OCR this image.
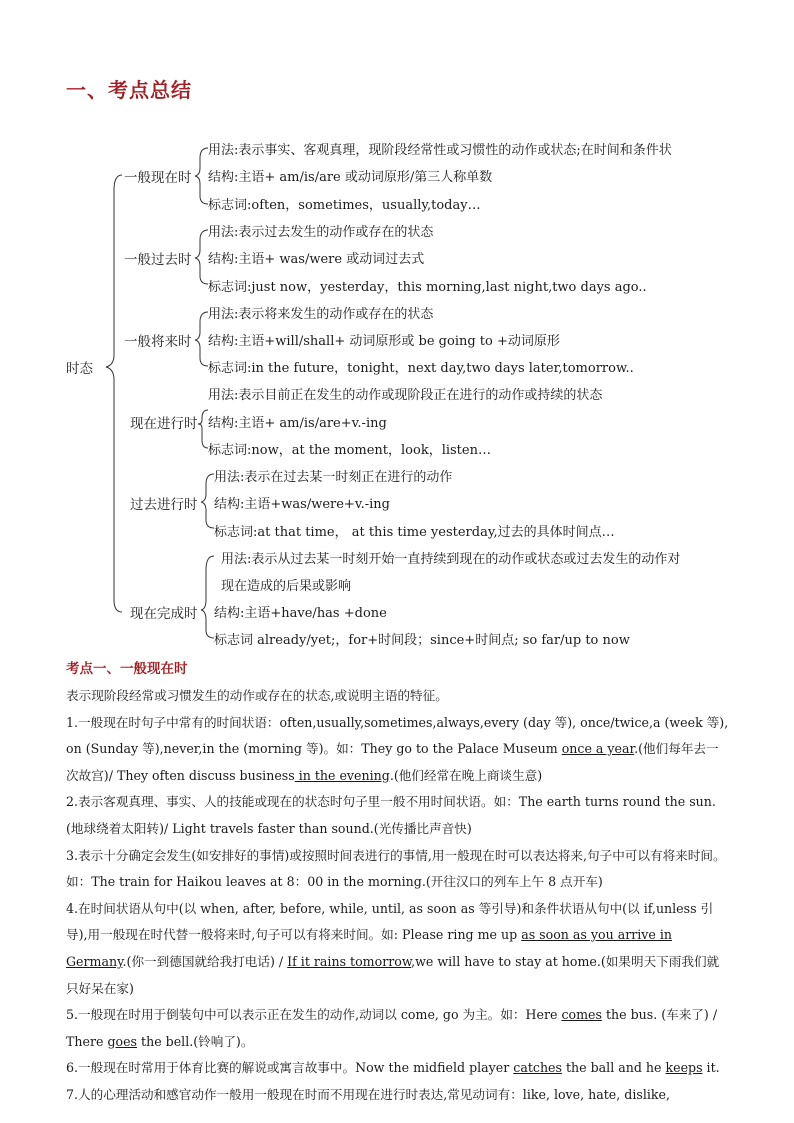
一、考点总结
时态
一般现在时
用法:表示事实、客观真理，现阶段经常性或习惯性的动作或状态;在时间和条件状
结构:主语+ am/is/are 或动词原形/第三人称单数
标志词:often，sometimes，usually,today…
一般过去时
用法:表示过去发生的动作或存在的状态
结构:主语+ was/were 或动词过去式
标志词:just now，yesterday，this morning,last night,two days ago..
一般将来时
用法:表示将来发生的动作或存在的状态
结构:主语+will/shall+ 动词原形或 be going to +动词原形
标志词:in the future，tonight，next day,two days later,tomorrow..
现在进行时
用法:表示目前正在发生的动作或现阶段正在进行的动作或持续的状态
结构:主语+ am/is/are+v.-ing
标志词:now，at the moment，look，listen…
过去进行时
用法:表示在过去某一时刻正在进行的动作
结构:主语+was/were+v.-ing
标志词:at that time， at this time yesterday,过去的具体时间点…
现在完成时
用法:表示从过去某一时刻开始一直持续到现在的动作或状态或过去发生的动作对
现在造成的后果或影响
结构:主语+have/has +done
标志词 already/yet;，for+时间段；since+时间点; so far/up to now
考点一、一般现在时

表示现阶段经常或习惯发生的动作或存在的状态,或说明主语的特征。

1.一般现在时句子中常有的时间状语：often,usually,sometimes,always,every (day 等), once/twice,a (week 等), on (Sunday 等),never,in the (morning 等)。如：They go to the Palace Museum once a year.(他们每年去一次故宫)/ They often discuss business in the evening.(他们经常在晚上商谈生意)

2.表示客观真理、事实、人的技能或现在的状态时句子里一般不用时间状语。如：The earth turns round the sun.(地球绕着太阳转)/ Light travels faster than sound.(光传播比声音快)

3.表示十分确定会发生(如安排好的事情)或按照时间表进行的事情,用一般现在时可以表达将来,句子中可以有将来时间。如：The train for Haikou leaves at 8：00 in the morning.(开往汉口的列车上午 8 点开车)

4.在时间状语从句中(以 when, after, before, while, until, as soon as 等引导)和条件状语从句中(以 if,unless 引导),用一般现在时代替一般将来时,句子可以有将来时间。如: Please ring me up as soon as you arrive in Germany.(你一到德国就给我打电话) / If it rains tomorrow,we will have to stay at home.(如果明天下雨我们就只好呆在家)

5.一般现在时用于倒装句中可以表示正在发生的动作,动词以 come, go 为主。如：Here comes the bus. (车来了) / There goes the bell.(铃响了)。

6.一般现在时常用于体育比赛的解说或寓言故事中。Now the midfield player catches the ball and he keeps it.

7.人的心理活动和感官动作一般用一般现在时而不用现在进行时表达,常见动词有：like, love, hate, dislike,
